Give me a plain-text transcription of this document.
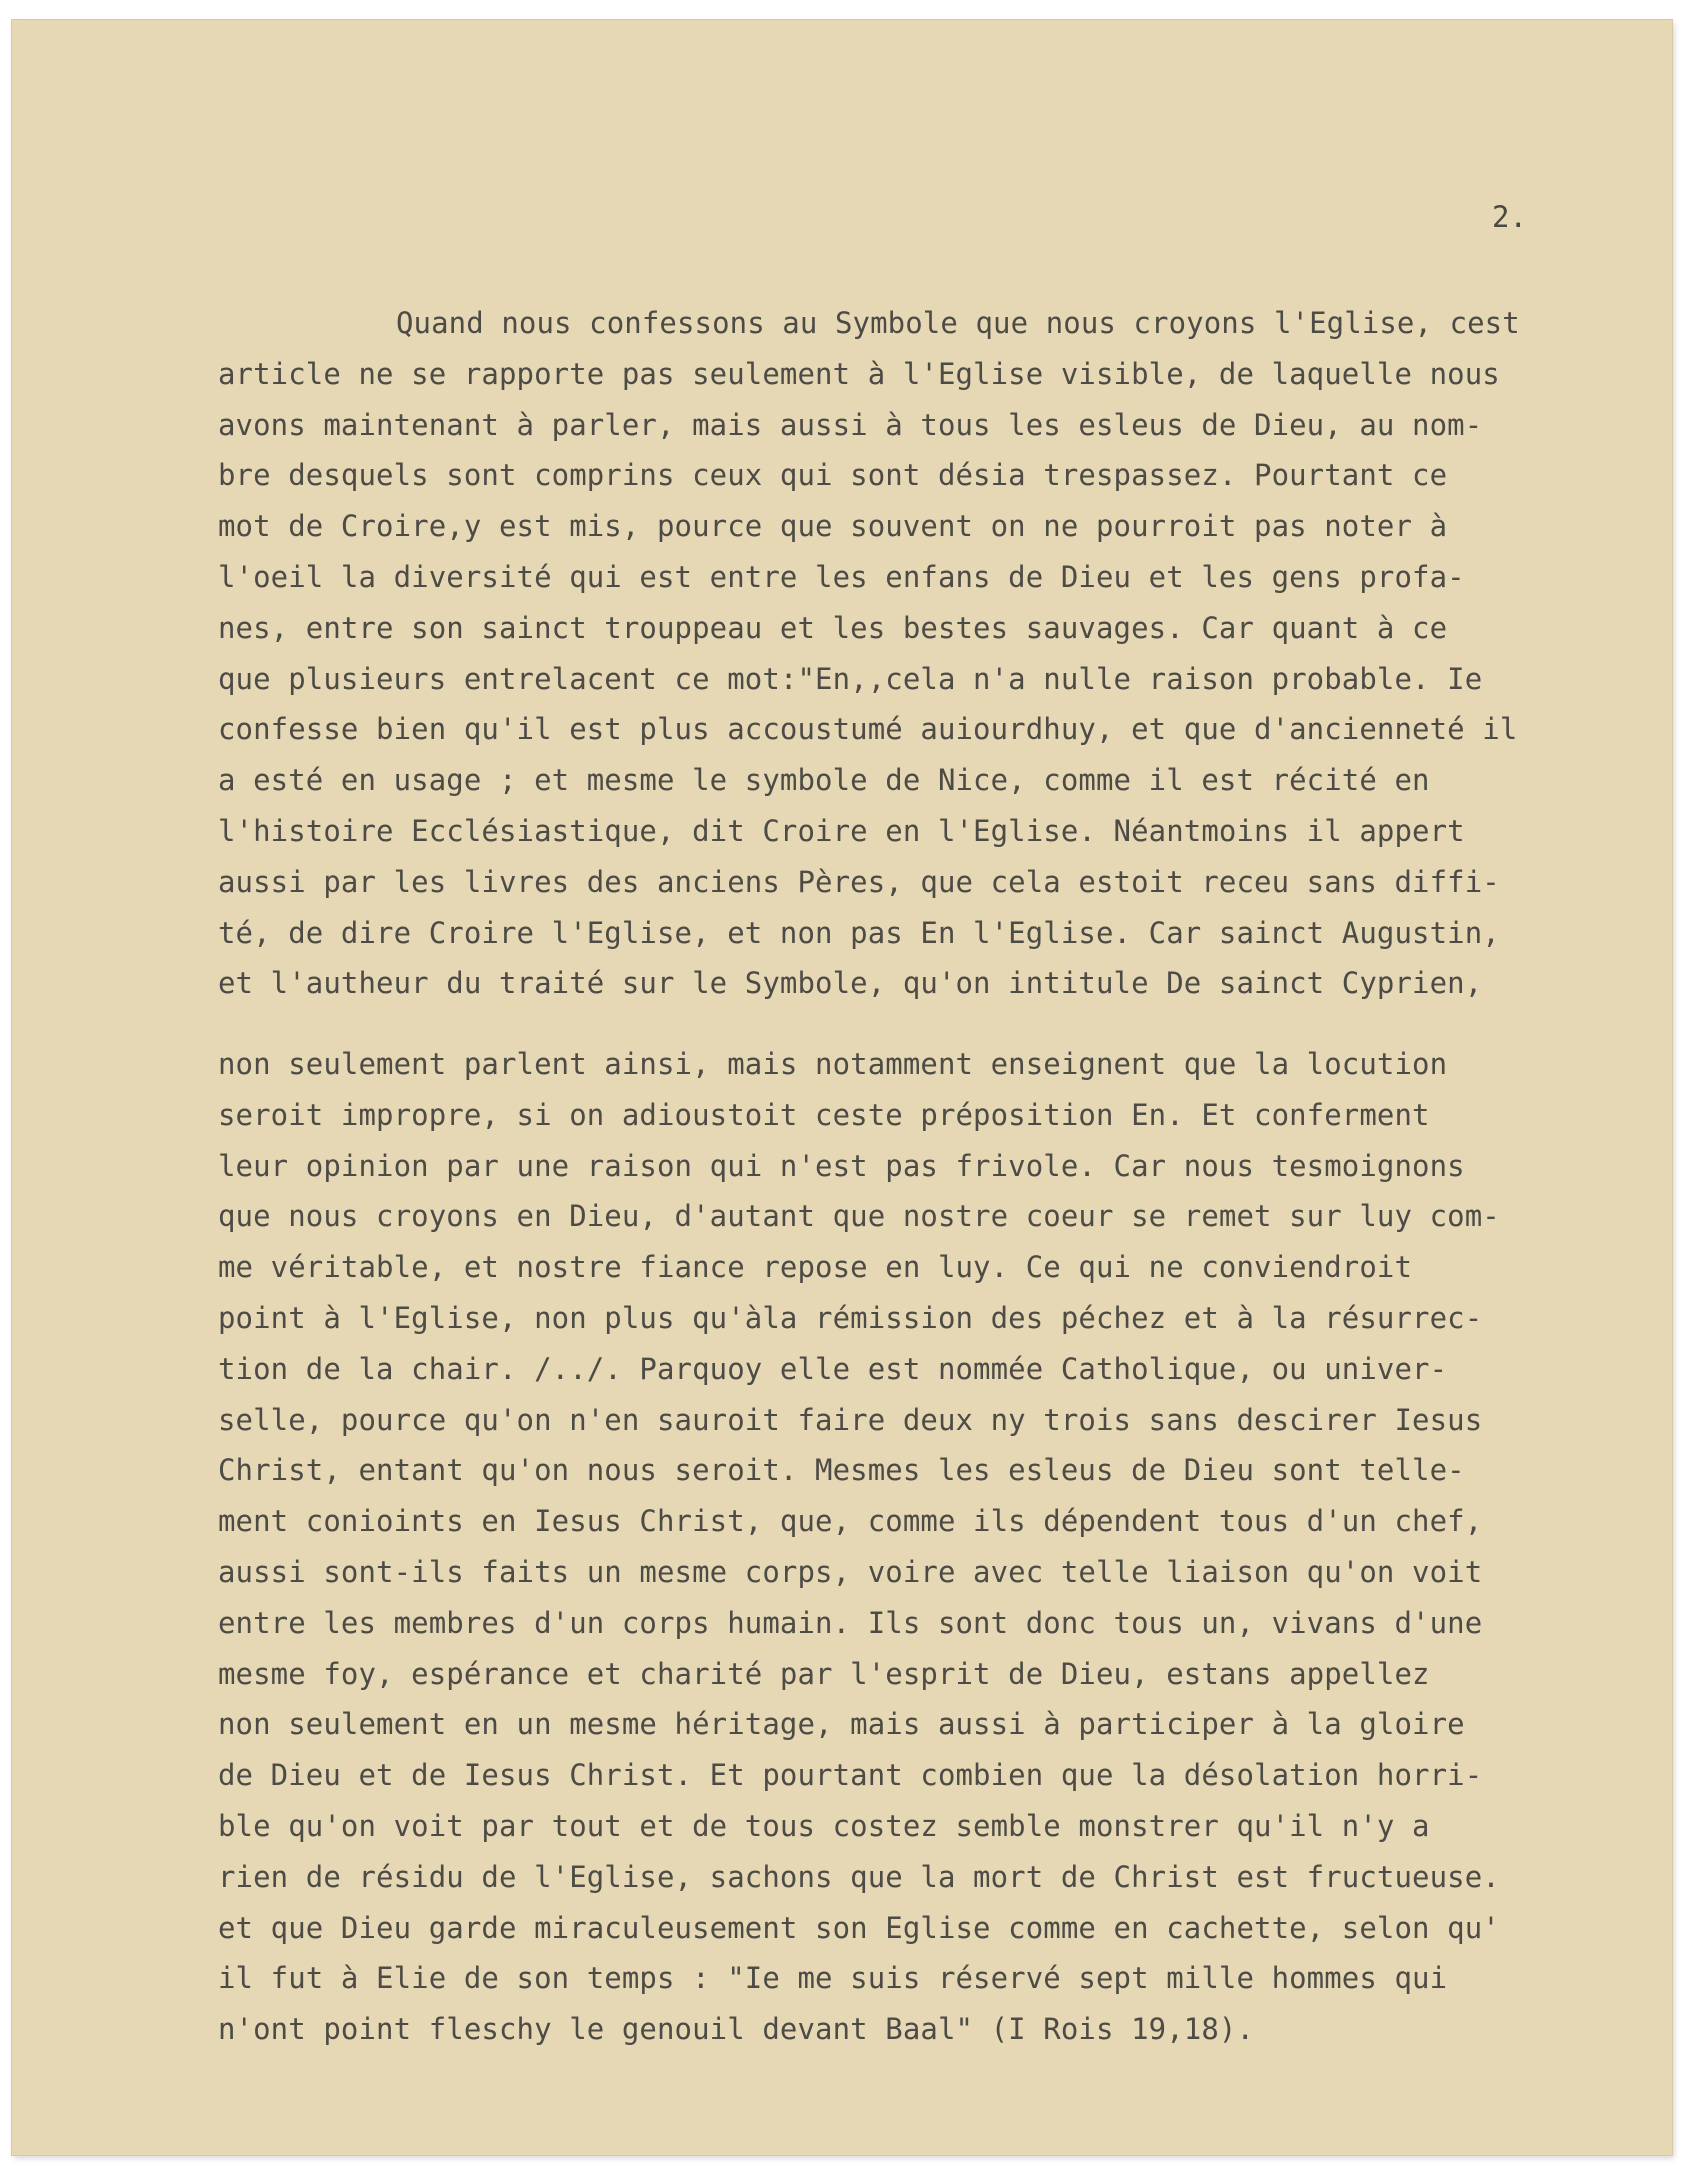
2.
Quand nous confessons au Symbole que nous croyons l'Eglise, cest
article ne se rapporte pas seulement à l'Eglise visible, de laquelle nous
avons maintenant à parler, mais aussi à tous les esleus de Dieu, au nom-
bre desquels sont comprins ceux qui sont désia trespassez. Pourtant ce
mot de Croire,y est mis, pource que souvent on ne pourroit pas noter à
l'oeil la diversité qui est entre les enfans de Dieu et les gens profa-
nes, entre son sainct trouppeau et les bestes sauvages. Car quant à ce
que plusieurs entrelacent ce mot:"En,,cela n'a nulle raison probable. Ie
confesse bien qu'il est plus accoustumé auiourdhuy, et que d'ancienneté il
a esté en usage ; et mesme le symbole de Nice, comme il est récité en
l'histoire Ecclésiastique, dit Croire en l'Eglise. Néantmoins il appert
aussi par les livres des anciens Pères, que cela estoit receu sans diffi-
té, de dire Croire l'Eglise, et non pas En l'Eglise. Car sainct Augustin,
et l'autheur du traité sur le Symbole, qu'on intitule De sainct Cyprien,
non seulement parlent ainsi, mais notamment enseignent que la locution
seroit impropre, si on adioustoit ceste préposition En. Et conferment
leur opinion par une raison qui n'est pas frivole. Car nous tesmoignons
que nous croyons en Dieu, d'autant que nostre coeur se remet sur luy com-
me véritable, et nostre fiance repose en luy. Ce qui ne conviendroit
point à l'Eglise, non plus qu'àla rémission des péchez et à la résurrec-
tion de la chair. /../. Parquoy elle est nommée Catholique, ou univer-
selle, pource qu'on n'en sauroit faire deux ny trois sans descirer Iesus
Christ, entant qu'on nous seroit. Mesmes les esleus de Dieu sont telle-
ment conioints en Iesus Christ, que, comme ils dépendent tous d'un chef,
aussi sont-ils faits un mesme corps, voire avec telle liaison qu'on voit
entre les membres d'un corps humain. Ils sont donc tous un, vivans d'une
mesme foy, espérance et charité par l'esprit de Dieu, estans appellez
non seulement en un mesme héritage, mais aussi à participer à la gloire
de Dieu et de Iesus Christ. Et pourtant combien que la désolation horri-
ble qu'on voit par tout et de tous costez semble monstrer qu'il n'y a
rien de résidu de l'Eglise, sachons que la mort de Christ est fructueuse.
et que Dieu garde miraculeusement son Eglise comme en cachette, selon qu'
il fut à Elie de son temps : "Ie me suis réservé sept mille hommes qui
n'ont point fleschy le genouil devant Baal" (I Rois 19,18).
